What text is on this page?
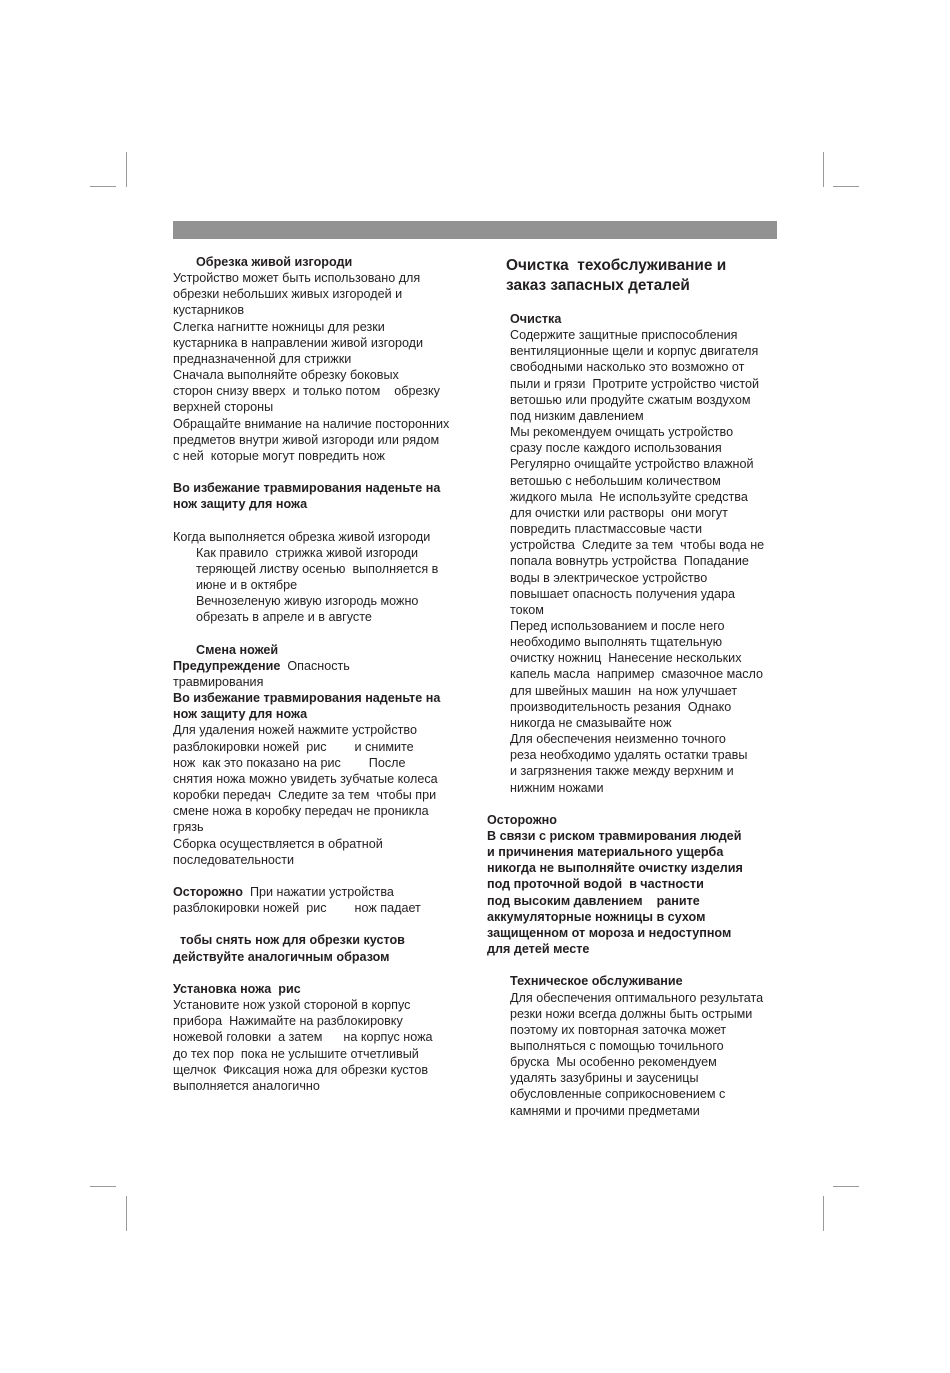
Обрезка живой изгороди
Устройство может быть использовано для
обрезки небольших живых изгородей и
кустарников
Слегка нагнитте ножницы для резки
кустарника в направлении живой изгороди
предназначенной для стрижки
Сначала выполняйте обрезку боковых
сторон снизу вверх  и только потом    обрезку
верхней стороны
Обращайте внимание на наличие посторонних
предметов внутри живой изгороди или рядом
с ней  которые могут повредить нож
Во избежание травмирования наденьте на
нож защиту для ножа
Когда выполняется обрезка живой изгороди
Как правило  стрижка живой изгороди
теряющей листву осенью  выполняется в
июне и в октябре
Вечнозеленую живую изгородь можно
обрезать в апреле и в августе
Смена ножей
Предупреждение  Опасность
травмирования
Во избежание травмирования наденьте на
нож защиту для ножа
Для удаления ножей нажмите устройство
разблокировки ножей  рис        и снимите
нож  как это показано на рис        После
снятия ножа можно увидеть зубчатые колеса
коробки передач  Следите за тем  чтобы при
смене ножа в коробку передач не проникла
грязь
Сборка осуществляется в обратной
последовательности
Осторожно  При нажатии устройства
разблокировки ножей  рис        нож падает
тобы снять нож для обрезки кустов
действуйте аналогичным образом
Установка ножа  рис
Установите нож узкой стороной в корпус
прибора  Нажимайте на разблокировку
ножевой головки  а затем      на корпус ножа
до тех пор  пока не услышите отчетливый
щелчок  Фиксация ножа для обрезки кустов
выполняется аналогично
Очистка  техобслуживание и
заказ запасных деталей
Очистка
Содержите защитные приспособления
вентиляционные щели и корпус двигателя
свободными насколько это возможно от
пыли и грязи  Протрите устройство чистой
ветошью или продуйте сжатым воздухом
под низким давлением
Мы рекомендуем очищать устройство
сразу после каждого использования
Регулярно очищайте устройство влажной
ветошью с небольшим количеством
жидкого мыла  Не используйте средства
для очистки или растворы  они могут
повредить пластмассовые части
устройства  Следите за тем  чтобы вода не
попала вовнутрь устройства  Попадание
воды в электрическое устройство
повышает опасность получения удара
током
Перед использованием и после него
необходимо выполнять тщательную
очистку ножниц  Нанесение нескольких
капель масла  например  смазочное масло
для швейных машин  на нож улучшает
производительность резания  Однако
никогда не смазывайте нож
Для обеспечения неизменно точного
реза необходимо удалять остатки травы
и загрязнения также между верхним и
нижним ножами
Осторожно
В связи с риском травмирования людей
и причинения материального ущерба
никогда не выполняйте очистку изделия
под проточной водой  в частности
под высоким давлением    раните
аккумуляторные ножницы в сухом
защищенном от мороза и недоступном
для детей месте
Техническое обслуживание
Для обеспечения оптимального результата
резки ножи всегда должны быть острыми
поэтому их повторная заточка может
выполняться с помощью точильного
бруска  Мы особенно рекомендуем
удалять зазубрины и заусеницы
обусловленные соприкосновением с
камнями и прочими предметами
